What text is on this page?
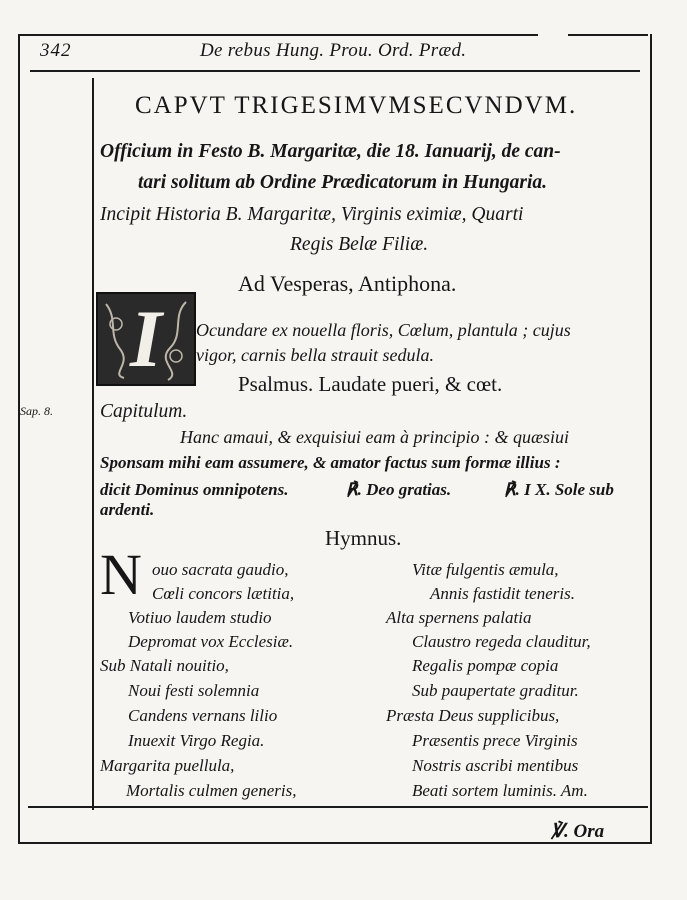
342	De rebus Hung. Prou. Ord. Præd.
CAPVT TRIGESIMVMSECVNDVM.
Officium in Festo B. Margaritæ, die 18. Ianuarij, de can-
tari solitum ab Ordine Prædicatorum in Hungaria.
Incipit Historia B. Margaritæ, Virginis eximiæ, Quarti
Regis Belæ Filiæ.
Ad Vesperas, Antiphona.
I	Ocundare ex nouella floris, Cœlum, plantula ; cujus
vigor, carnis bella strauit sedula.
Psalmus. Laudate pueri, & cœt.
Sap. 8. Capitulum.
Hanc amaui, & exquisiui eam à principio : & quæsiui
Sponsam mihi eam assumere, & amator factus sum formæ illius :
dicit Dominus omnipotens.	℟. Deo gratias.	℟. I X. Sole sub
ardenti.
Hymnus.
N ouo sacrata gaudio,
Cœli concors lætitia,
Votiuo laudem studio
Depromat vox Ecclesiæ.
Sub Natali nouitio,
Noui festi solemnia
Candens vernans lilio
Inuexit Virgo Regia.
Margarita puellula,
Mortalis culmen generis,
Vitæ fulgentis æmula,
Annis fastidit teneris.
Alta spernens palatia
Claustro regeda clauditur,
Regalis pompæ copia
Sub paupertate graditur.
Præsta Deus supplicibus,
Præsentis prece Virginis
Nostris ascribi mentibus
Beati sortem luminis. Am.
℣. Ora
